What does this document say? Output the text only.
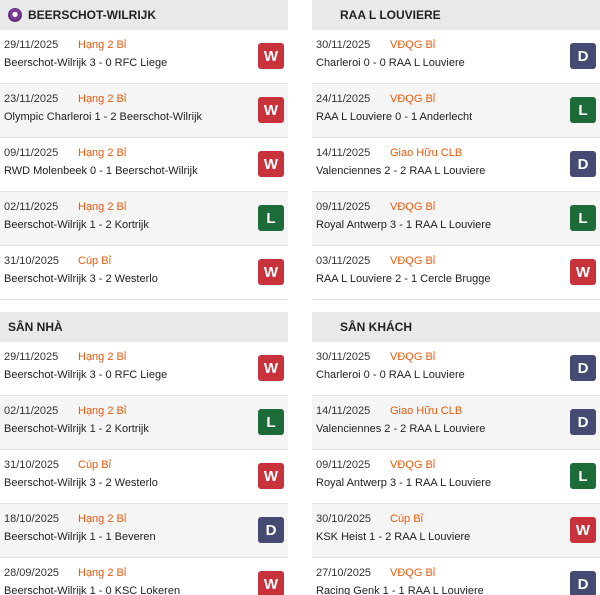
BEERSCHOT-WILRIJK
29/11/2025 Hạng 2 Bỉ
Beerschot-Wilrijk 3 - 0 RFC Liege	W
23/11/2025 Hạng 2 Bỉ
Olympic Charleroi 1 - 2 Beerschot-Wilrijk	W
09/11/2025 Hạng 2 Bỉ
RWD Molenbeek 0 - 1 Beerschot-Wilrijk	W
02/11/2025 Hạng 2 Bỉ
Beerschot-Wilrijk 1 - 2 Kortrijk	L
31/10/2025 Cúp Bỉ
Beerschot-Wilrijk 3 - 2 Westerlo	W
SÂN NHÀ
29/11/2025 Hạng 2 Bỉ
Beerschot-Wilrijk 3 - 0 RFC Liege	W
02/11/2025 Hạng 2 Bỉ
Beerschot-Wilrijk 1 - 2 Kortrijk	L
31/10/2025 Cúp Bỉ
Beerschot-Wilrijk 3 - 2 Westerlo	W
18/10/2025 Hạng 2 Bỉ
Beerschot-Wilrijk 1 - 1 Beveren	D
28/09/2025 Hạng 2 Bỉ
Beerschot-Wilrijk 1 - 0 KSC Lokeren	W
RAA L LOUVIERE
30/11/2025 VĐQG Bỉ
Charleroi 0 - 0 RAA L Louviere	D
24/11/2025 VĐQG Bỉ
RAA L Louviere 0 - 1 Anderlecht	L
14/11/2025 Giao Hữu CLB
Valenciennes 2 - 2 RAA L Louviere	D
09/11/2025 VĐQG Bỉ
Royal Antwerp 3 - 1 RAA L Louviere	L
03/11/2025 VĐQG Bỉ
RAA L Louviere 2 - 1 Cercle Brugge	W
SÂN KHÁCH
30/11/2025 VĐQG Bỉ
Charleroi 0 - 0 RAA L Louviere	D
14/11/2025 Giao Hữu CLB
Valenciennes 2 - 2 RAA L Louviere	D
09/11/2025 VĐQG Bỉ
Royal Antwerp 3 - 1 RAA L Louviere	L
30/10/2025 Cúp Bỉ
KSK Heist 1 - 2 RAA L Louviere	W
27/10/2025 VĐQG Bỉ
Racing Genk 1 - 1 RAA L Louviere	D
